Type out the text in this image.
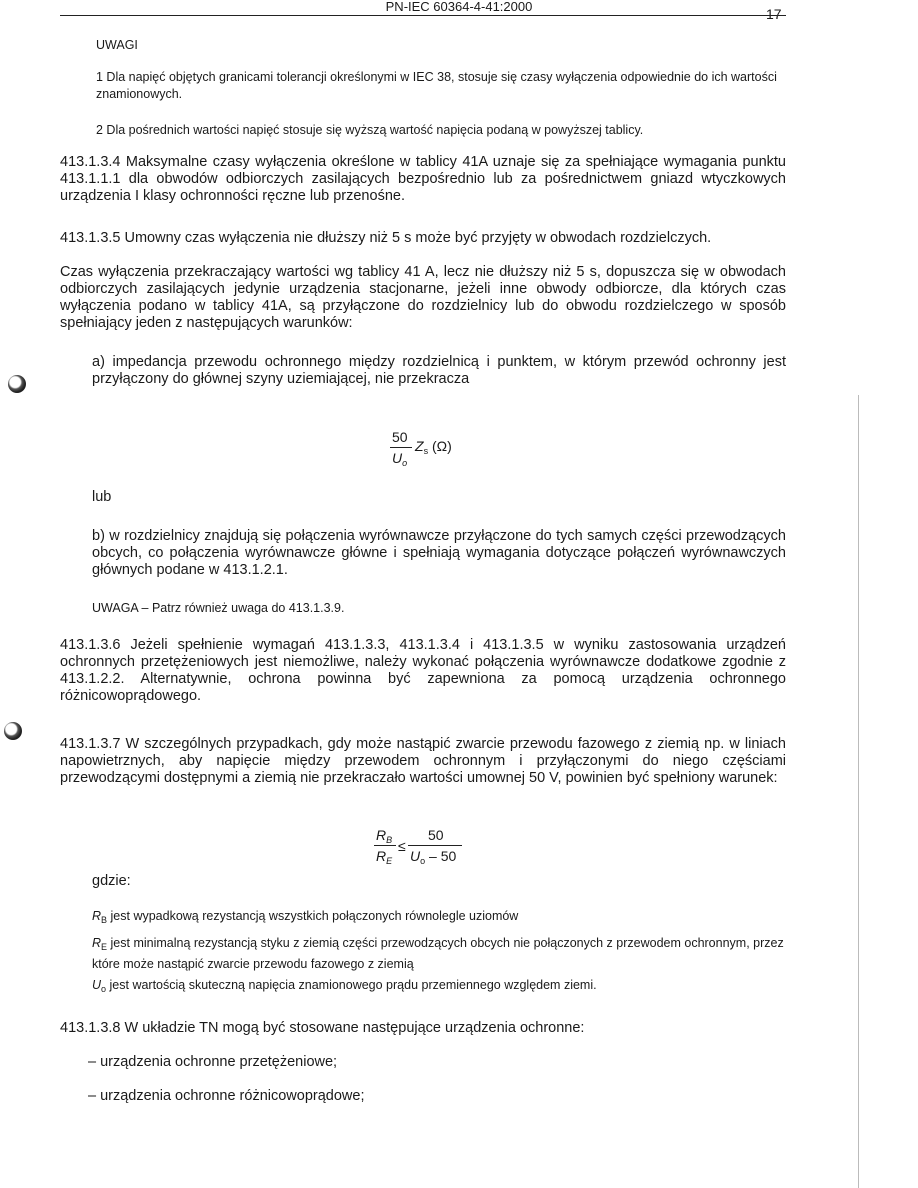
PN-IEC 60364-4-41:2000	17

UWAGI

1 Dla napięć objętych granicami tolerancji określonymi w IEC 38, stosuje się czasy wyłączenia odpowiednie do ich wartości znamionowych.

2 Dla pośrednich wartości napięć stosuje się wyższą wartość napięcia podaną w powyższej tablicy.

413.1.3.4 Maksymalne czasy wyłączenia określone w tablicy 41A uznaje się za spełniające wymagania punktu 413.1.1.1 dla obwodów odbiorczych zasilających bezpośrednio lub za pośrednictwem gniazd wtyczkowych urządzenia I klasy ochronności ręczne lub przenośne.

413.1.3.5 Umowny czas wyłączenia nie dłuższy niż 5 s może być przyjęty w obwodach rozdzielczych.

Czas wyłączenia przekraczający wartości wg tablicy 41 A, lecz nie dłuższy niż 5 s, dopuszcza się w obwodach odbiorczych zasilających jedynie urządzenia stacjonarne, jeżeli inne obwody odbiorcze, dla których czas wyłączenia podano w tablicy 41A, są przyłączone do rozdzielnicy lub do obwodu rozdzielczego w sposób spełniający jeden z następujących warunków:

a) impedancja przewodu ochronnego między rozdzielnicą i punktem, w którym przewód ochronny jest przyłączony do głównej szyny uziemiającej, nie przekracza

50
$U_o$
$Z_s$ (Ω)

lub

b) w rozdzielnicy znajdują się połączenia wyrównawcze przyłączone do tych samych części przewodzących obcych, co połączenia wyrównawcze główne i spełniają wymagania dotyczące połączeń wyrównawczych głównych podane w 413.1.2.1.

UWAGA – Patrz również uwaga do 413.1.3.9.

413.1.3.6 Jeżeli spełnienie wymagań 413.1.3.3, 413.1.3.4 i 413.1.3.5 w wyniku zastosowania urządzeń ochronnych przetężeniowych jest niemożliwe, należy wykonać połączenia wyrównawcze dodatkowe zgodnie z 413.1.2.2. Alternatywnie, ochrona powinna być zapewniona za pomocą urządzenia ochronnego różnicowoprądowego.

413.1.3.7 W szczególnych przypadkach, gdy może nastąpić zwarcie przewodu fazowego z ziemią np. w liniach napowietrznych, aby napięcie między przewodem ochronnym i przyłączonymi do niego częściami przewodzącymi dostępnymi a ziemią nie przekraczało wartości umownej 50 V, powinien być spełniony warunek:

$R_B$
$R_E$
≤
50
$U_o - 50$

gdzie:

$R_B$ jest wypadkową rezystancją wszystkich połączonych równolegle uziomów

$R_E$ jest minimalną rezystancją styku z ziemią części przewodzących obcych nie połączonych z przewodem ochronnym, przez które może nastąpić zwarcie przewodu fazowego z ziemią

$U_o$ jest wartością skuteczną napięcia znamionowego prądu przemiennego względem ziemi.

413.1.3.8 W układzie TN mogą być stosowane następujące urządzenia ochronne:

– urządzenia ochronne przetężeniowe;

– urządzenia ochronne różnicowoprądowe;
